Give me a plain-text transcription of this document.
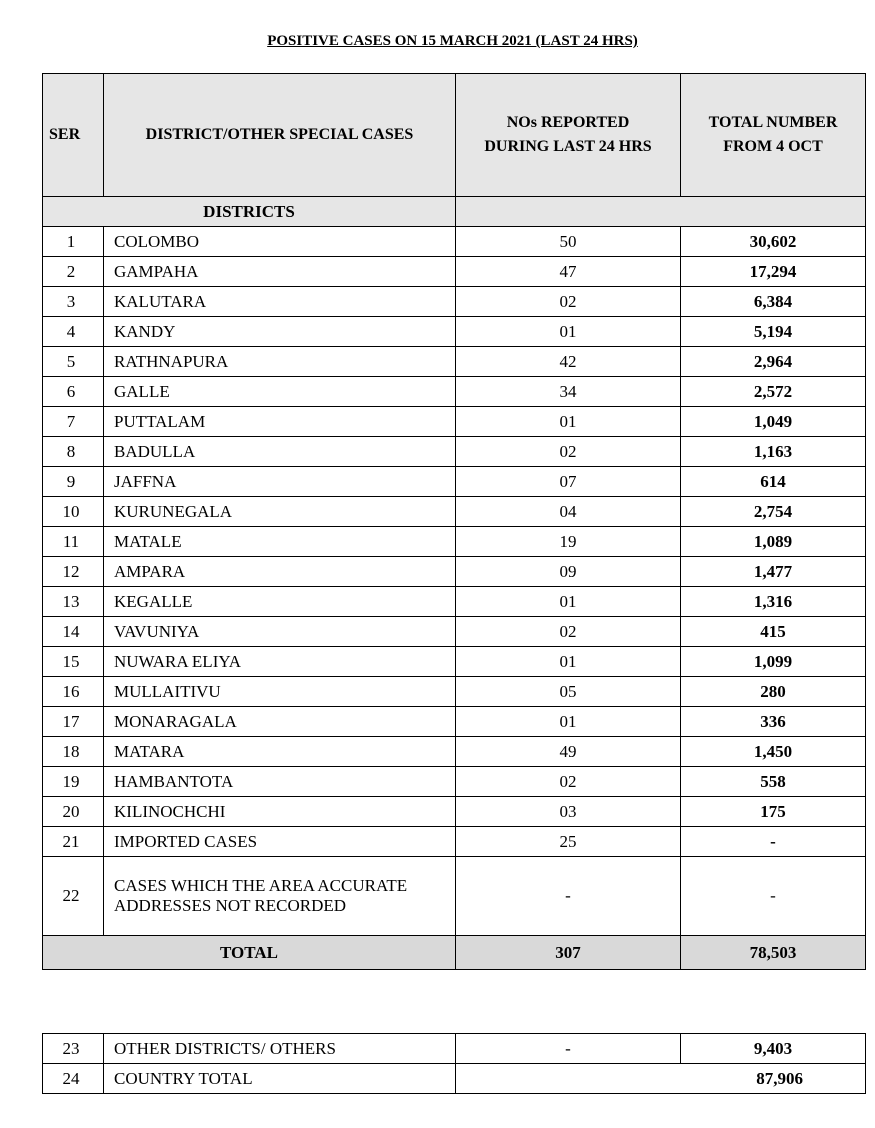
POSITIVE CASES ON 15 MARCH 2021 (LAST 24 HRS)
SER	DISTRICT/OTHER SPECIAL CASES	NOs REPORTED DURING LAST 24 HRS	TOTAL NUMBER FROM 4 OCT
DISTRICTS			
1	COLOMBO	50	30,602
2	GAMPAHA	47	17,294
3	KALUTARA	02	6,384
4	KANDY	01	5,194
5	RATHNAPURA	42	2,964
6	GALLE	34	2,572
7	PUTTALAM	01	1,049
8	BADULLA	02	1,163
9	JAFFNA	07	614
10	KURUNEGALA	04	2,754
11	MATALE	19	1,089
12	AMPARA	09	1,477
13	KEGALLE	01	1,316
14	VAVUNIYA	02	415
15	NUWARA ELIYA	01	1,099
16	MULLAITIVU	05	280
17	MONARAGALA	01	336
18	MATARA	49	1,450
19	HAMBANTOTA	02	558
20	KILINOCHCHI	03	175
21	IMPORTED CASES	25	-
22	CASES WHICH THE AREA ACCURATE ADDRESSES NOT RECORDED	-	-
TOTAL		307	78,503
23	OTHER DISTRICTS/ OTHERS	-	9,403
24	COUNTRY TOTAL	87,906	
